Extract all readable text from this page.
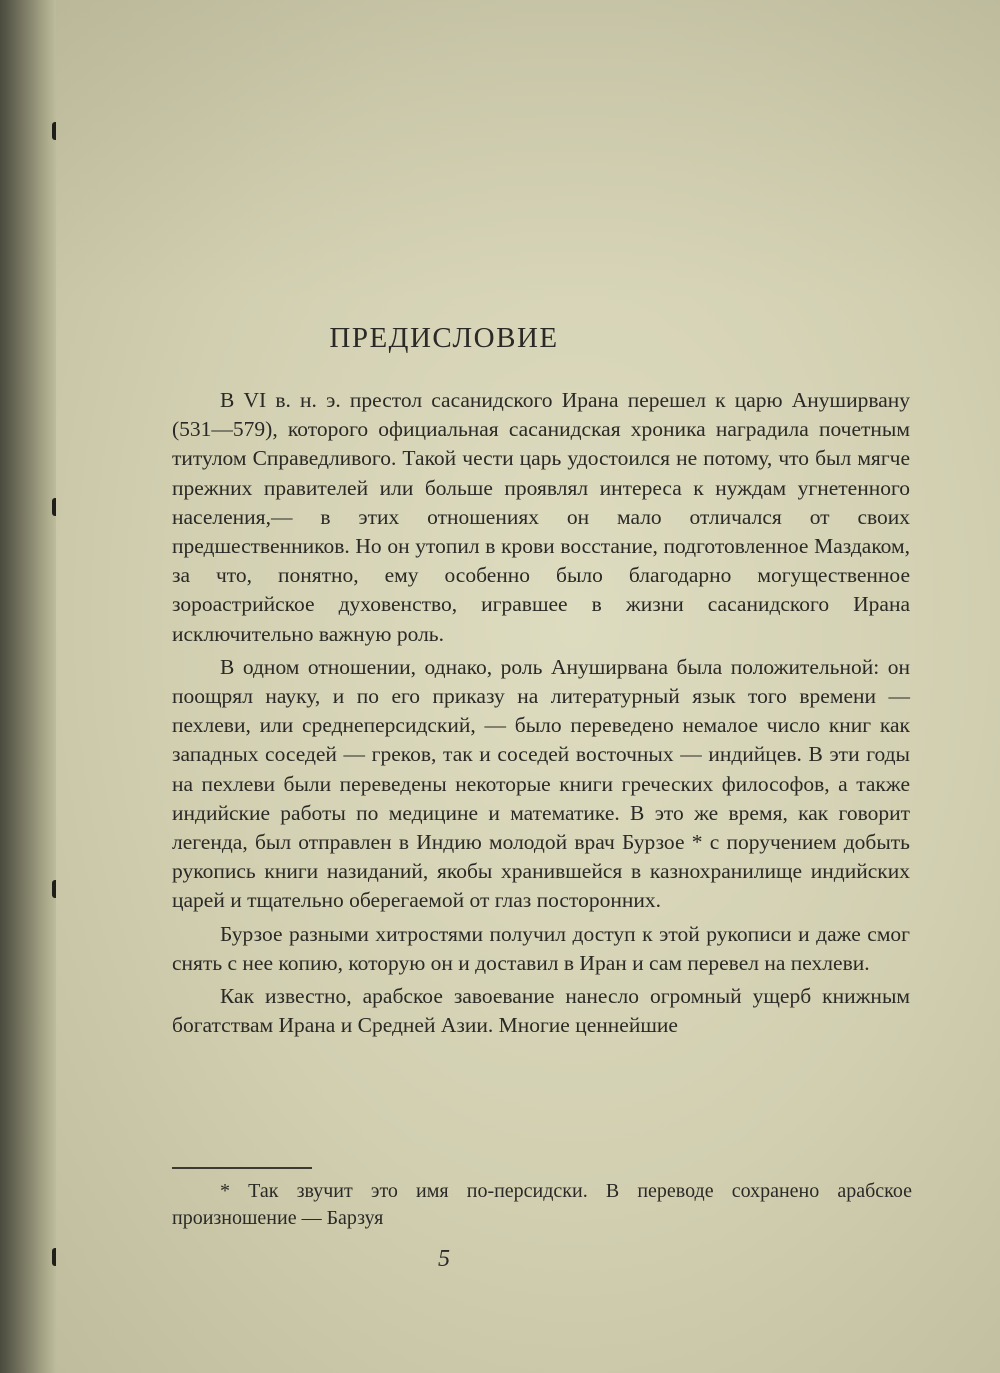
ПРЕДИСЛОВИЕ

В VI в. н. э. престол сасанидского Ирана перешел к царю Ануширвану (531—579), которого официальная сасанидская хроника наградила почетным титулом Справедливого. Такой чести царь удостоился не потому, что был мягче прежних правителей или больше проявлял интереса к нуждам угнетенного населения,— в этих отношениях он мало отличался от своих предшественников. Но он утопил в крови восстание, подготовленное Маздаком, за что, понятно, ему особенно было благодарно могущественное зороастрийское духовенство, игравшее в жизни сасанидского Ирана исключительно важную роль.

В одном отношении, однако, роль Ануширвана была положительной: он поощрял науку, и по его приказу на литературный язык того времени — пехлеви, или среднеперсидский, — было переведено немалое число книг как западных соседей — греков, так и соседей восточных — индийцев. В эти годы на пехлеви были переведены некоторые книги греческих философов, а также индийские работы по медицине и математике. В это же время, как говорит легенда, был отправлен в Индию молодой врач Бурзое * с поручением добыть рукопись книги назиданий, якобы хранившейся в казнохранилище индийских царей и тщательно оберегаемой от глаз посторонних.

Бурзое разными хитростями получил доступ к этой рукописи и даже смог снять с нее копию, которую он и доставил в Иран и сам перевел на пехлеви.

Как известно, арабское завоевание нанесло огромный ущерб книжным богатствам Ирана и Средней Азии. Многие ценнейшие

* Так звучит это имя по-персидски. В переводе сохранено арабское произношение — Барзуя
5
